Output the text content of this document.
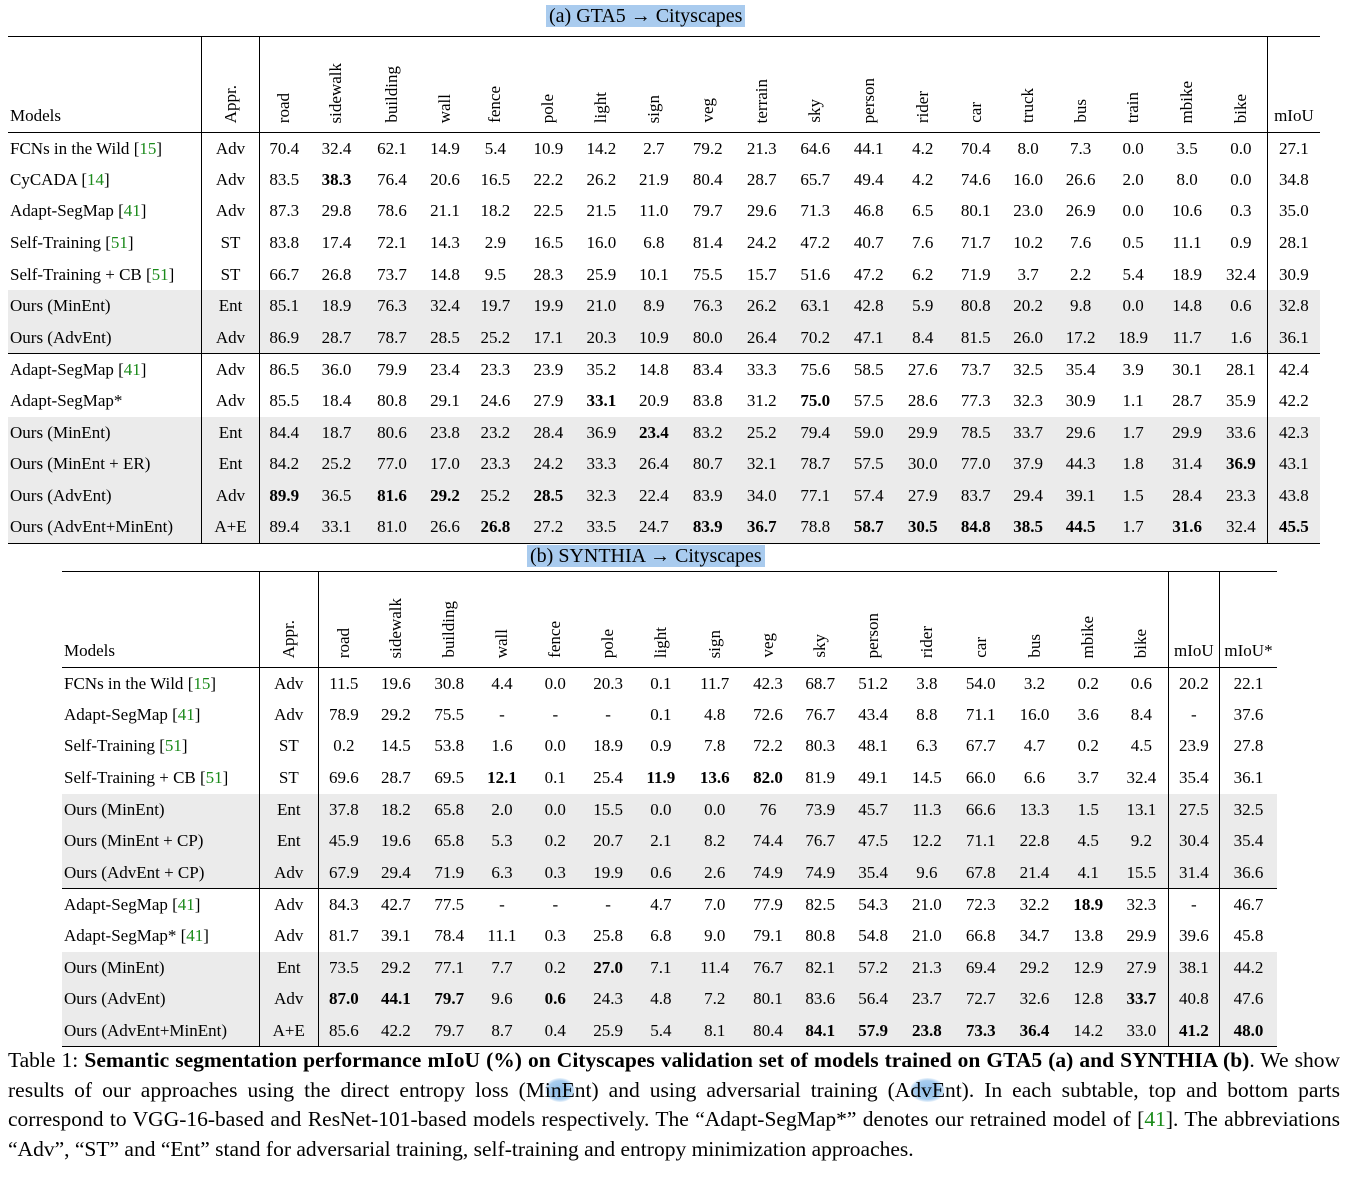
(a) GTA5 → Cityscapes
Models	Appr.	road	sidewalk	building	wall	fence	pole	light	sign	veg	terrain	sky	person	rider	car	truck	bus	train	mbike	bike	mIoU
FCNs in the Wild [15]	Adv	70.4	32.4	62.1	14.9	5.4	10.9	14.2	2.7	79.2	21.3	64.6	44.1	4.2	70.4	8.0	7.3	0.0	3.5	0.0	27.1
CyCADA [14]	Adv	83.5	38.3	76.4	20.6	16.5	22.2	26.2	21.9	80.4	28.7	65.7	49.4	4.2	74.6	16.0	26.6	2.0	8.0	0.0	34.8
Adapt-SegMap [41]	Adv	87.3	29.8	78.6	21.1	18.2	22.5	21.5	11.0	79.7	29.6	71.3	46.8	6.5	80.1	23.0	26.9	0.0	10.6	0.3	35.0
Self-Training [51]	ST	83.8	17.4	72.1	14.3	2.9	16.5	16.0	6.8	81.4	24.2	47.2	40.7	7.6	71.7	10.2	7.6	0.5	11.1	0.9	28.1
Self-Training + CB [51]	ST	66.7	26.8	73.7	14.8	9.5	28.3	25.9	10.1	75.5	15.7	51.6	47.2	6.2	71.9	3.7	2.2	5.4	18.9	32.4	30.9
Ours (MinEnt)	Ent	85.1	18.9	76.3	32.4	19.7	19.9	21.0	8.9	76.3	26.2	63.1	42.8	5.9	80.8	20.2	9.8	0.0	14.8	0.6	32.8
Ours (AdvEnt)	Adv	86.9	28.7	78.7	28.5	25.2	17.1	20.3	10.9	80.0	26.4	70.2	47.1	8.4	81.5	26.0	17.2	18.9	11.7	1.6	36.1
Adapt-SegMap [41]	Adv	86.5	36.0	79.9	23.4	23.3	23.9	35.2	14.8	83.4	33.3	75.6	58.5	27.6	73.7	32.5	35.4	3.9	30.1	28.1	42.4
Adapt-SegMap*	Adv	85.5	18.4	80.8	29.1	24.6	27.9	33.1	20.9	83.8	31.2	75.0	57.5	28.6	77.3	32.3	30.9	1.1	28.7	35.9	42.2
Ours (MinEnt)	Ent	84.4	18.7	80.6	23.8	23.2	28.4	36.9	23.4	83.2	25.2	79.4	59.0	29.9	78.5	33.7	29.6	1.7	29.9	33.6	42.3
Ours (MinEnt + ER)	Ent	84.2	25.2	77.0	17.0	23.3	24.2	33.3	26.4	80.7	32.1	78.7	57.5	30.0	77.0	37.9	44.3	1.8	31.4	36.9	43.1
Ours (AdvEnt)	Adv	89.9	36.5	81.6	29.2	25.2	28.5	32.3	22.4	83.9	34.0	77.1	57.4	27.9	83.7	29.4	39.1	1.5	28.4	23.3	43.8
Ours (AdvEnt+MinEnt)	A+E	89.4	33.1	81.0	26.6	26.8	27.2	33.5	24.7	83.9	36.7	78.8	58.7	30.5	84.8	38.5	44.5	1.7	31.6	32.4	45.5
(b) SYNTHIA → Cityscapes
Models	Appr.	road	sidewalk	building	wall	fence	pole	light	sign	veg	sky	person	rider	car	bus	mbike	bike	mIoU	mIoU*
FCNs in the Wild [15]	Adv	11.5	19.6	30.8	4.4	0.0	20.3	0.1	11.7	42.3	68.7	51.2	3.8	54.0	3.2	0.2	0.6	20.2	22.1
Adapt-SegMap [41]	Adv	78.9	29.2	75.5	-	-	-	0.1	4.8	72.6	76.7	43.4	8.8	71.1	16.0	3.6	8.4	-	37.6
Self-Training [51]	ST	0.2	14.5	53.8	1.6	0.0	18.9	0.9	7.8	72.2	80.3	48.1	6.3	67.7	4.7	0.2	4.5	23.9	27.8
Self-Training + CB [51]	ST	69.6	28.7	69.5	12.1	0.1	25.4	11.9	13.6	82.0	81.9	49.1	14.5	66.0	6.6	3.7	32.4	35.4	36.1
Ours (MinEnt)	Ent	37.8	18.2	65.8	2.0	0.0	15.5	0.0	0.0	76	73.9	45.7	11.3	66.6	13.3	1.5	13.1	27.5	32.5
Ours (MinEnt + CP)	Ent	45.9	19.6	65.8	5.3	0.2	20.7	2.1	8.2	74.4	76.7	47.5	12.2	71.1	22.8	4.5	9.2	30.4	35.4
Ours (AdvEnt + CP)	Adv	67.9	29.4	71.9	6.3	0.3	19.9	0.6	2.6	74.9	74.9	35.4	9.6	67.8	21.4	4.1	15.5	31.4	36.6
Adapt-SegMap [41]	Adv	84.3	42.7	77.5	-	-	-	4.7	7.0	77.9	82.5	54.3	21.0	72.3	32.2	18.9	32.3	-	46.7
Adapt-SegMap* [41]	Adv	81.7	39.1	78.4	11.1	0.3	25.8	6.8	9.0	79.1	80.8	54.8	21.0	66.8	34.7	13.8	29.9	39.6	45.8
Ours (MinEnt)	Ent	73.5	29.2	77.1	7.7	0.2	27.0	7.1	11.4	76.7	82.1	57.2	21.3	69.4	29.2	12.9	27.9	38.1	44.2
Ours (AdvEnt)	Adv	87.0	44.1	79.7	9.6	0.6	24.3	4.8	7.2	80.1	83.6	56.4	23.7	72.7	32.6	12.8	33.7	40.8	47.6
Ours (AdvEnt+MinEnt)	A+E	85.6	42.2	79.7	8.7	0.4	25.9	5.4	8.1	80.4	84.1	57.9	23.8	73.3	36.4	14.2	33.0	41.2	48.0
Table 1: Semantic segmentation performance mIoU (%) on Cityscapes validation set of models trained on GTA5 (a) and SYNTHIA (b). We show results of our approaches using the direct entropy loss (MinEnt) and using adversarial training (AdvEnt). In each subtable, top and bottom parts correspond to VGG-16-based and ResNet-101-based models respectively. The “Adapt-SegMap*” denotes our retrained model of [41]. The abbreviations “Adv”, “ST” and “Ent” stand for adversarial training, self-training and entropy minimization approaches.
